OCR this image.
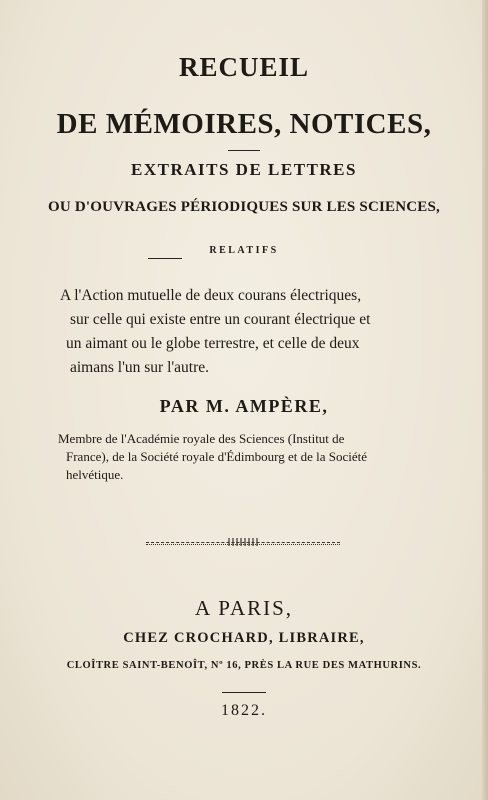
RECUEIL
DE MÉMOIRES, NOTICES,
EXTRAITS DE LETTRES
OU D'OUVRAGES PÉRIODIQUES SUR LES SCIENCES,
RELATIFS
A l'Action mutuelle de deux courans électriques,
sur celle qui existe entre un courant électrique et
un aimant ou le globe terrestre, et celle de deux
aimans l'un sur l'autre.
PAR M. AMPÈRE,
Membre de l'Académie royale des Sciences (Institut de
France), de la Société royale d'Édimbourg et de la Société
helvétique.
A PARIS,
CHEZ CROCHARD, LIBRAIRE,
CLOÎTRE SAINT-BENOÎT, Nº 16, PRÈS LA RUE DES MATHURINS.
1822.
